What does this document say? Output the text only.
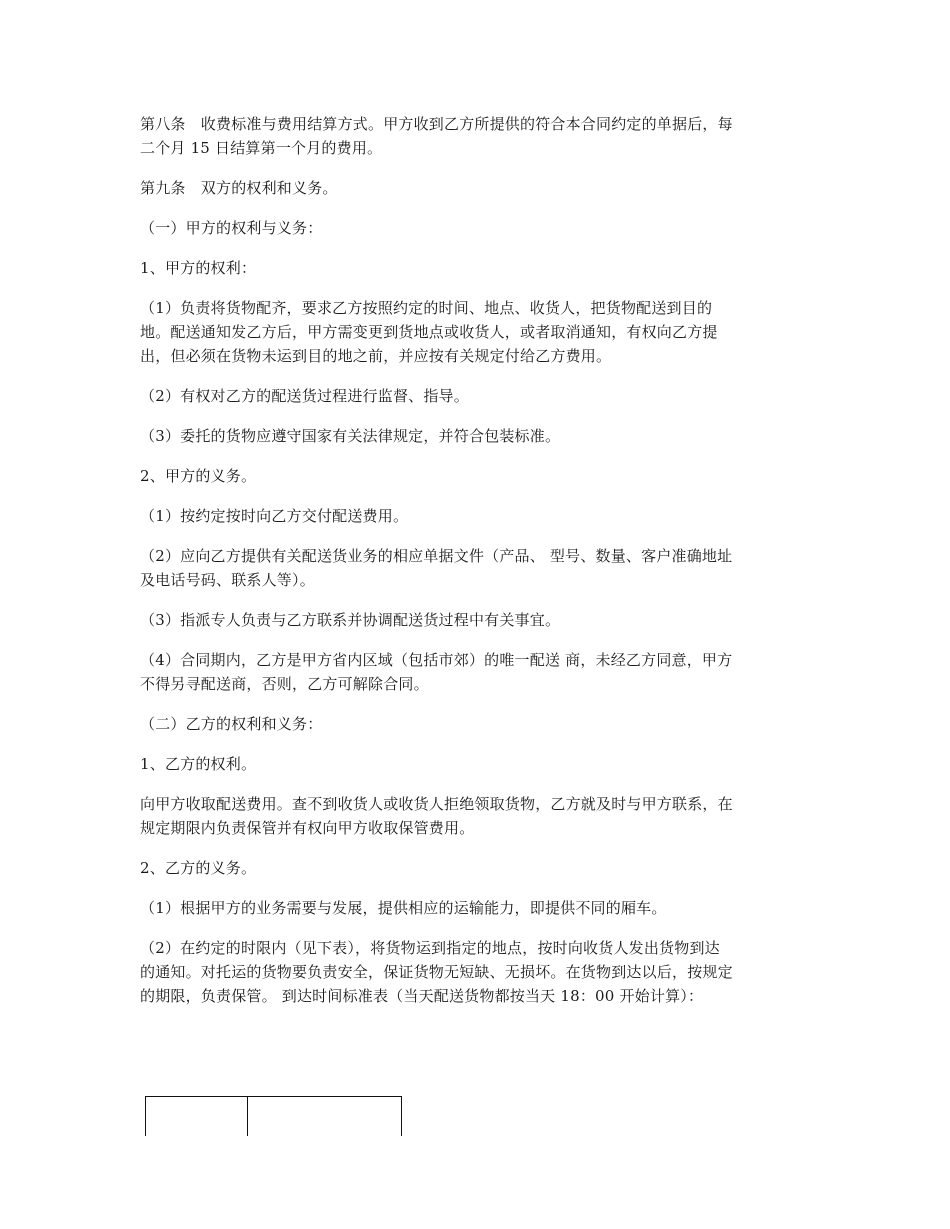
第八条　收费标准与费用结算方式。甲方收到乙方所提供的符合本合同约定的单据后，每
二个月 15 日结算第一个月的费用。

第九条　双方的权利和义务。

（一）甲方的权利与义务：

1、甲方的权利：

（1）负责将货物配齐，要求乙方按照约定的时间、地点、收货人，把货物配送到目的
地。配送通知发乙方后，甲方需变更到货地点或收货人，或者取消通知，有权向乙方提
出，但必须在货物未运到目的地之前，并应按有关规定付给乙方费用。

（2）有权对乙方的配送货过程进行监督、指导。

（3）委托的货物应遵守国家有关法律规定，并符合包装标准。

2、甲方的义务。

（1）按约定按时向乙方交付配送费用。

（2）应向乙方提供有关配送货业务的相应单据文件（产品、 型号、数量、客户准确地址
及电话号码、联系人等）。

（3）指派专人负责与乙方联系并协调配送货过程中有关事宜。

（4）合同期内，乙方是甲方省内区域（包括市郊）的唯一配送 商，未经乙方同意，甲方
不得另寻配送商，否则，乙方可解除合同。

（二）乙方的权利和义务：

1、乙方的权利。

向甲方收取配送费用。查不到收货人或收货人拒绝领取货物，乙方就及时与甲方联系，在
规定期限内负责保管并有权向甲方收取保管费用。

2、乙方的义务。

（1）根据甲方的业务需要与发展，提供相应的运输能力，即提供不同的厢车。

（2）在约定的时限内（见下表），将货物运到指定的地点，按时向收货人发出货物到达
的通知。对托运的货物要负责安全，保证货物无短缺、无损坏。在货物到达以后，按规定
的期限，负责保管。 到达时间标准表（当天配送货物都按当天 18：00 开始计算）：
